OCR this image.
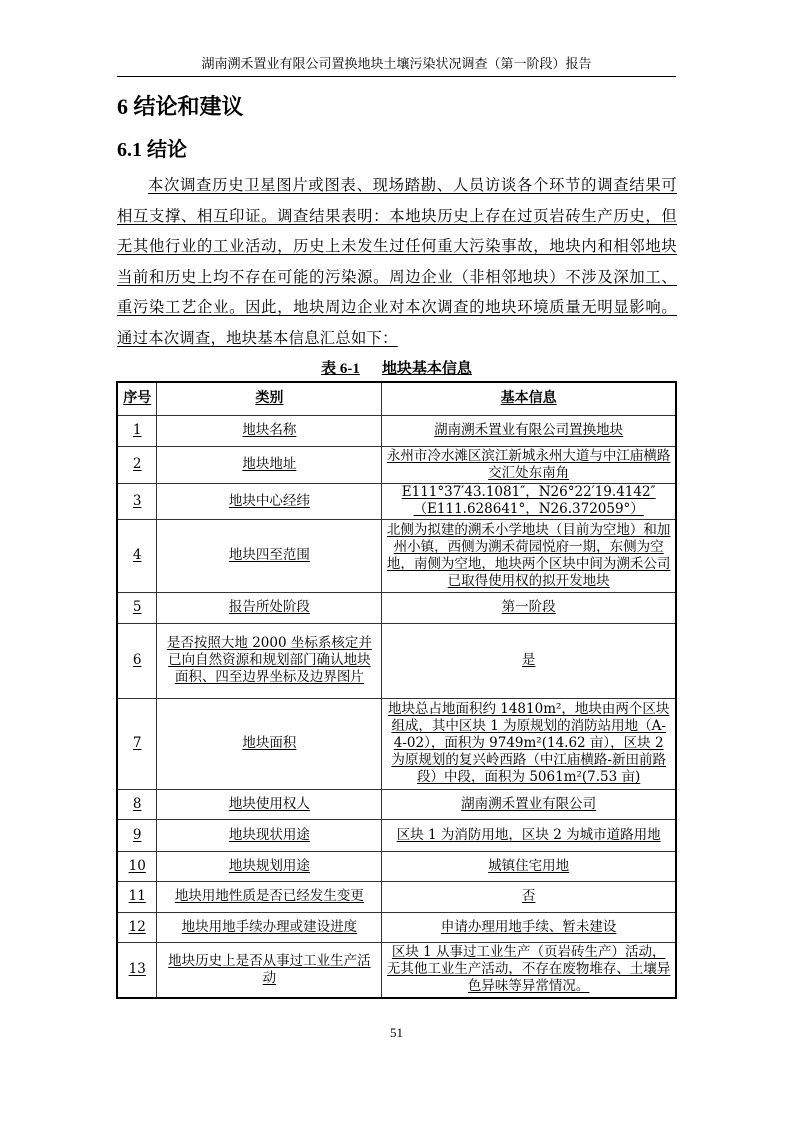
湖南溯禾置业有限公司置换地块土壤污染状况调查（第一阶段）报告
6 结论和建议
6.1 结论
本次调查历史卫星图片或图表、现场踏勘、人员访谈各个环节的调查结果可相互支撑、相互印证。调查结果表明：本地块历史上存在过页岩砖生产历史，但无其他行业的工业活动，历史上未发生过任何重大污染事故，地块内和相邻地块当前和历史上均不存在可能的污染源。周边企业（非相邻地块）不涉及深加工、重污染工艺企业。因此，地块周边企业对本次调查的地块环境质量无明显影响。通过本次调查，地块基本信息汇总如下：
表 6-1 地块基本信息
序号	类别	基本信息
1	地块名称	湖南溯禾置业有限公司置换地块
2	地块地址	永州市冷水滩区滨江新城永州大道与中江庙横路交汇处东南角
3	地块中心经纬	E111°37′43.1081″，N26°22′19.4142″（E111.628641°，N26.372059°）
4	地块四至范围	北侧为拟建的溯禾小学地块（目前为空地）和加州小镇，西侧为溯禾荷园悦府一期，东侧为空地，南侧为空地，地块两个区块中间为溯禾公司已取得使用权的拟开发地块
5	报告所处阶段	第一阶段
6	是否按照大地 2000 坐标系核定并已向自然资源和规划部门确认地块面积、四至边界坐标及边界图片	是
7	地块面积	地块总占地面积约 14810m²，地块由两个区块组成，其中区块 1 为原规划的消防站用地（A-4-02），面积为 9749m²(14.62 亩），区块 2 为原规划的复兴岭西路（中江庙横路-新田前路段）中段，面积为 5061m²(7.53 亩)
8	地块使用权人	湖南溯禾置业有限公司
9	地块现状用途	区块 1 为消防用地，区块 2 为城市道路用地
10	地块规划用途	城镇住宅用地
11	地块用地性质是否已经发生变更	否
12	地块用地手续办理或建设进度	申请办理用地手续、暂未建设
13	地块历史上是否从事过工业生产活动	区块 1 从事过工业生产（页岩砖生产）活动，无其他工业生产活动，不存在废物堆存、土壤异色异味等异常情况。
51
